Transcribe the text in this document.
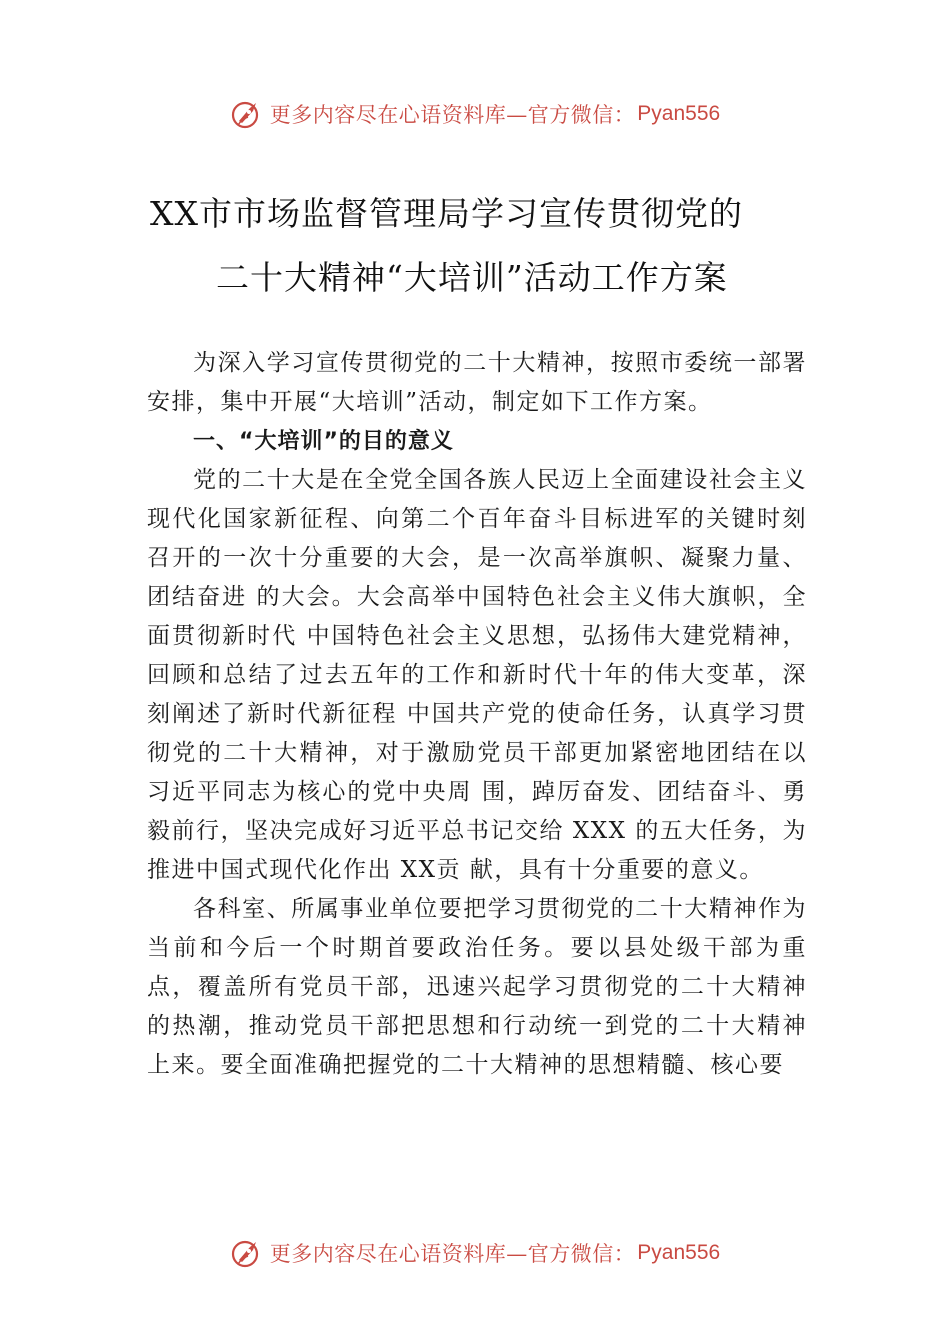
更多内容尽在心语资料库—官方微信： Pyan556
XX市市场监督管理局学习宣传贯彻党的
二十大精神“大培训”活动工作方案

为深入学习宣传贯彻党的二十大精神，按照市委统一部署安排，集中开展“大培训”活动，制定如下工作方案。

一、“大培训”的目的意义

党的二十大是在全党全国各族人民迈上全面建设社会主义 现代化国家新征程、向第二个百年奋斗目标进军的关键时刻召开的一次十分重要的大会，是一次高举旗帜、凝聚力量、团结奋进 的大会。大会高举中国特色社会主义伟大旗帜，全面贯彻新时代 中国特色社会主义思想，弘扬伟大建党精神，回顾和总结了过去五年的工作和新时代十年的伟大变革，深刻阐述了新时代新征程 中国共产党的使命任务，认真学习贯彻党的二十大精神，对于激励党员干部更加紧密地团结在以习近平同志为核心的党中央周 围，踔厉奋发、团结奋斗、勇毅前行，坚决完成好习近平总书记交给 XXX 的五大任务，为推进中国式现代化作出 XX贡 献，具有十分重要的意义。

各科室、所属事业单位要把学习贯彻党的二十大精神作为当前和今后一个时期首要政治任务。要以县处级干部为重点，覆盖所有党员干部，迅速兴起学习贯彻党的二十大精神的热潮，推动党员干部把思想和行动统一到党的二十大精神上来。要全面准确把握党的二十大精神的思想精髓、核心要

更多内容尽在心语资料库—官方微信： Pyan556
